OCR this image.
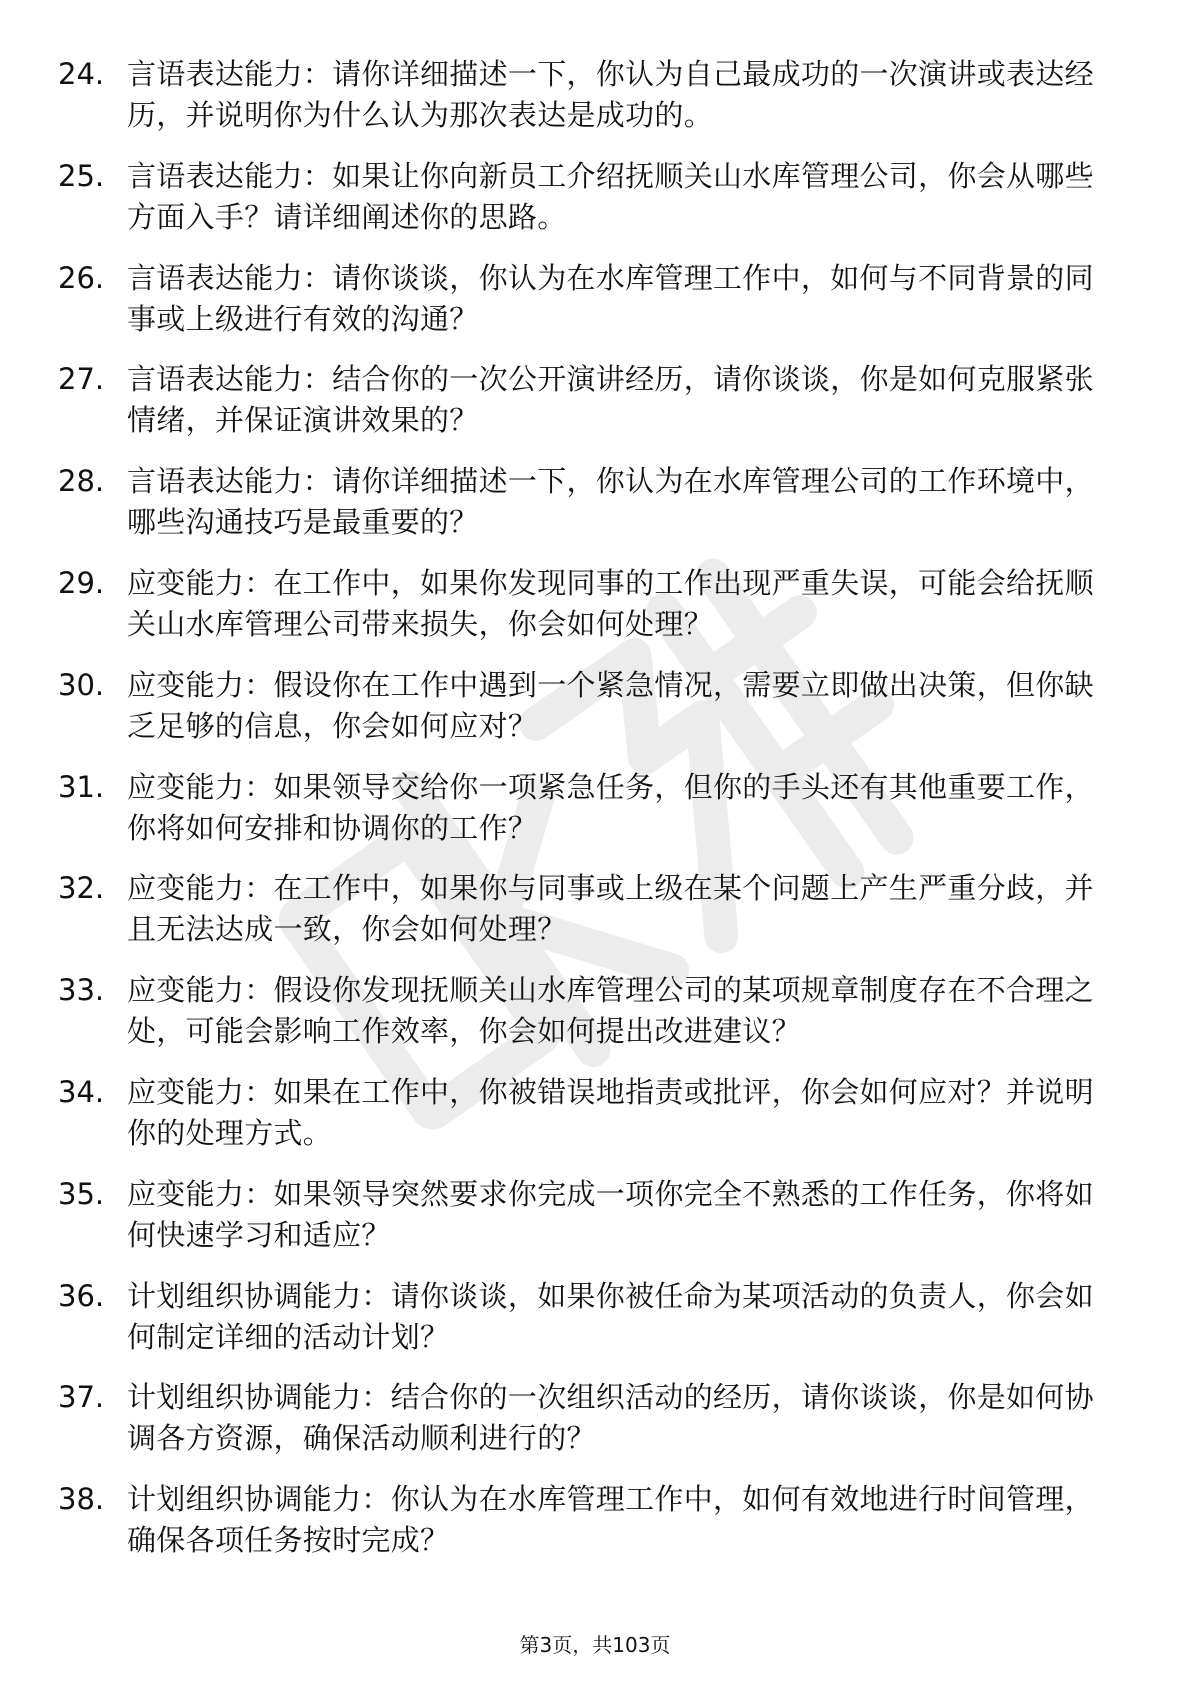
24. 言语表达能力：请你详细描述一下，你认为自己最成功的一次演讲或表达经历，并说明你为什么认为那次表达是成功的。
25. 言语表达能力：如果让你向新员工介绍抚顺关山水库管理公司，你会从哪些方面入手？请详细阐述你的思路。
26. 言语表达能力：请你谈谈，你认为在水库管理工作中，如何与不同背景的同事或上级进行有效的沟通？
27. 言语表达能力：结合你的一次公开演讲经历，请你谈谈，你是如何克服紧张情绪，并保证演讲效果的？
28. 言语表达能力：请你详细描述一下，你认为在水库管理公司的工作环境中，哪些沟通技巧是最重要的？
29. 应变能力：在工作中，如果你发现同事的工作出现严重失误，可能会给抚顺关山水库管理公司带来损失，你会如何处理？
30. 应变能力：假设你在工作中遇到一个紧急情况，需要立即做出决策，但你缺乏足够的信息，你会如何应对？
31. 应变能力：如果领导交给你一项紧急任务，但你的手头还有其他重要工作，你将如何安排和协调你的工作？
32. 应变能力：在工作中，如果你与同事或上级在某个问题上产生严重分歧，并且无法达成一致，你会如何处理？
33. 应变能力：假设你发现抚顺关山水库管理公司的某项规章制度存在不合理之处，可能会影响工作效率，你会如何提出改进建议？
34. 应变能力：如果在工作中，你被错误地指责或批评，你会如何应对？并说明你的处理方式。
35. 应变能力：如果领导突然要求你完成一项你完全不熟悉的工作任务，你将如何快速学习和适应？
36. 计划组织协调能力：请你谈谈，如果你被任命为某项活动的负责人，你会如何制定详细的活动计划？
37. 计划组织协调能力：结合你的一次组织活动的经历，请你谈谈，你是如何协调各方资源，确保活动顺利进行的？
38. 计划组织协调能力：你认为在水库管理工作中，如何有效地进行时间管理，确保各项任务按时完成？
第3页，共103页
